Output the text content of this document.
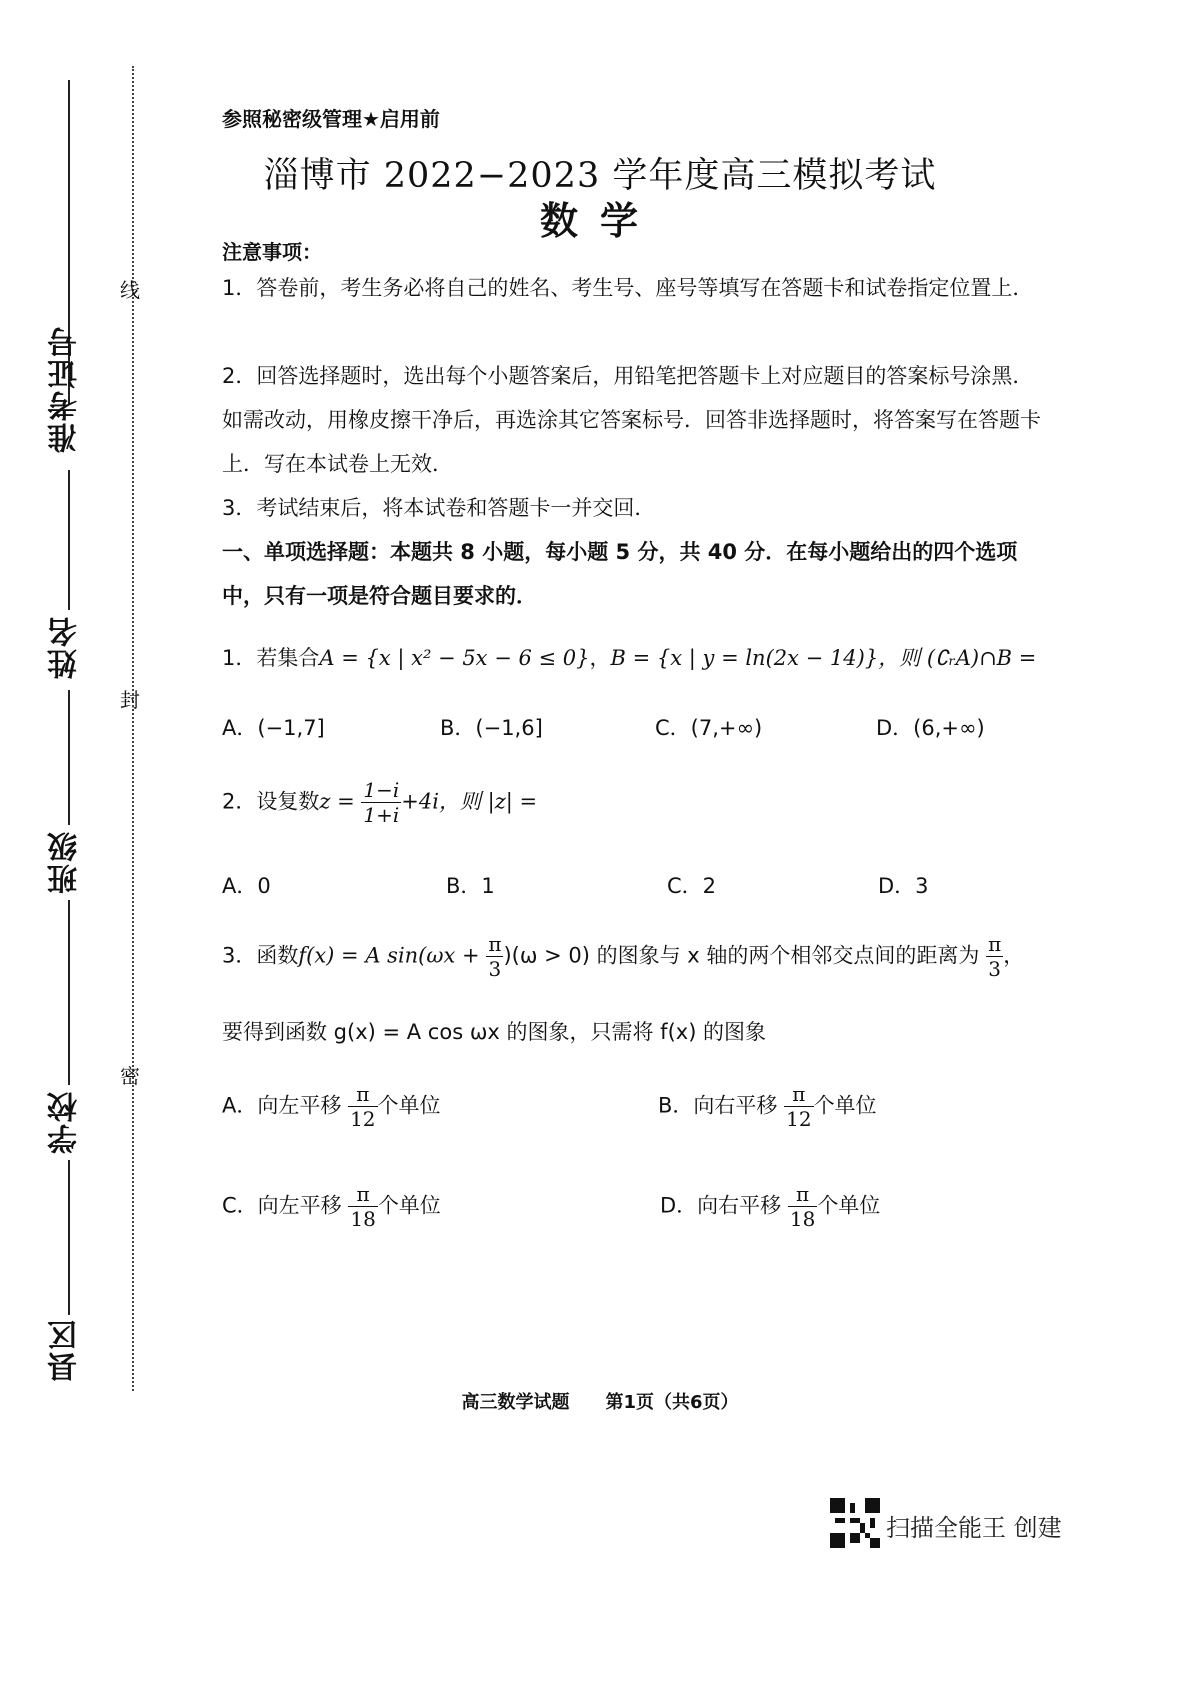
准考证号
姓名
班级
学校
县区
线
封
密
参照秘密级管理★启用前
淄博市 2022−2023 学年度高三模拟考试
数学
注意事项：
1．答卷前，考生务必将自己的姓名、考生号、座号等填写在答题卡和试卷指定位置上．
2．回答选择题时，选出每个小题答案后，用铅笔把答题卡上对应题目的答案标号涂黑．如需改动，用橡皮擦干净后，再选涂其它答案标号．回答非选择题时，将答案写在答题卡上．写在本试卷上无效．
3．考试结束后，将本试卷和答题卡一并交回．
一、单项选择题：本题共 8 小题，每小题 5 分，共 40 分．在每小题给出的四个选项中，只有一项是符合题目要求的．
1．若集合A = {x | x² − 5x − 6 ≤ 0}，B = {x | y = ln(2x − 14)}，则 (∁ᵣA)∩B =
A．(−1,7]	B．(−1,6]	C．(7,+∞)	D．(6,+∞)
2．设复数$z = \frac{1-i}{1+i} +4i$，则 |z| =
A．0	B．1	C．2	D．3
3．函数f(x) = A $\sin(\omega x + \frac{\pi}{3} )(\omega > 0)$ 的图象与 x 轴的两个相邻交点间的距离为 $\frac{\pi}{3}$ ，
要得到函数 g(x) = A cos ωx 的图象，只需将 f(x) 的图象
A．向左平移 $\frac{\pi}{12}$ 个单位	B．向右平移 $\frac{\pi}{12}$ 个单位
C．向左平移 $\frac{\pi}{18}$ 个单位	D．向右平移 $\frac{\pi}{18}$ 个单位
高三数学试题　　第1页（共6页）
扫描全能王 创建
